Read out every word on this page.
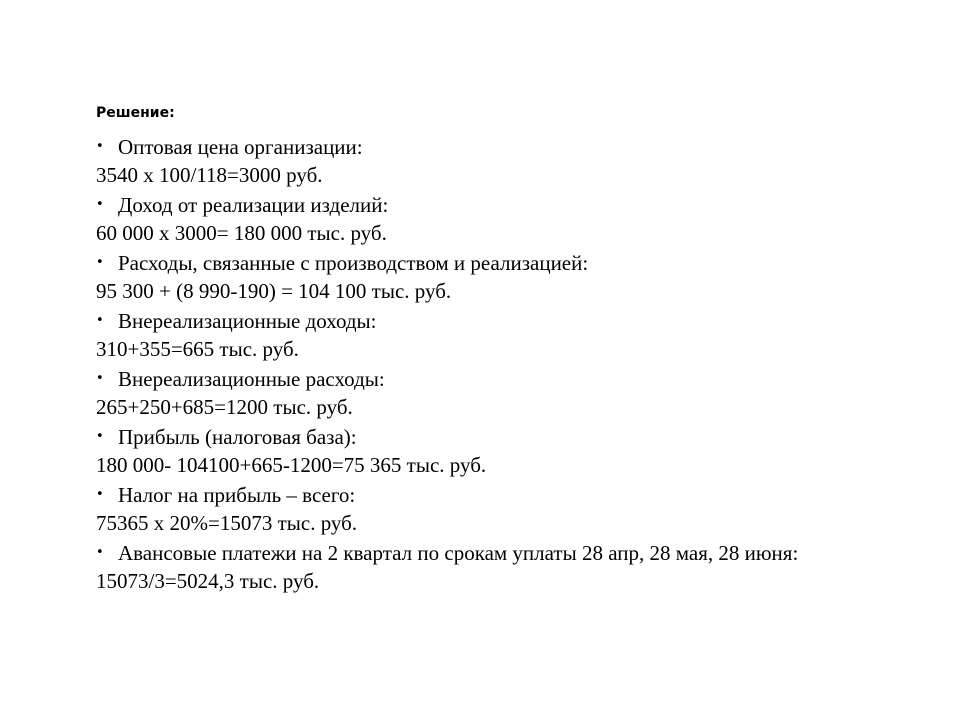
Решение:
• Оптовая цена организации:
3540 х 100/118=3000 руб.
• Доход от реализации изделий:
60 000 х 3000= 180 000 тыс. руб.
• Расходы, связанные с производством и реализацией:
95 300 + (8 990-190) = 104 100 тыс. руб.
• Внереализационные доходы:
310+355=665 тыс. руб.
• Внереализационные расходы:
265+250+685=1200 тыс. руб.
• Прибыль (налоговая база):
180 000- 104100+665-1200=75 365 тыс. руб.
• Налог на прибыль – всего:
75365 х 20%=15073 тыс. руб.
• Авансовые платежи на 2 квартал по срокам уплаты 28 апр, 28 мая, 28 июня:
15073/3=5024,3 тыс. руб.
